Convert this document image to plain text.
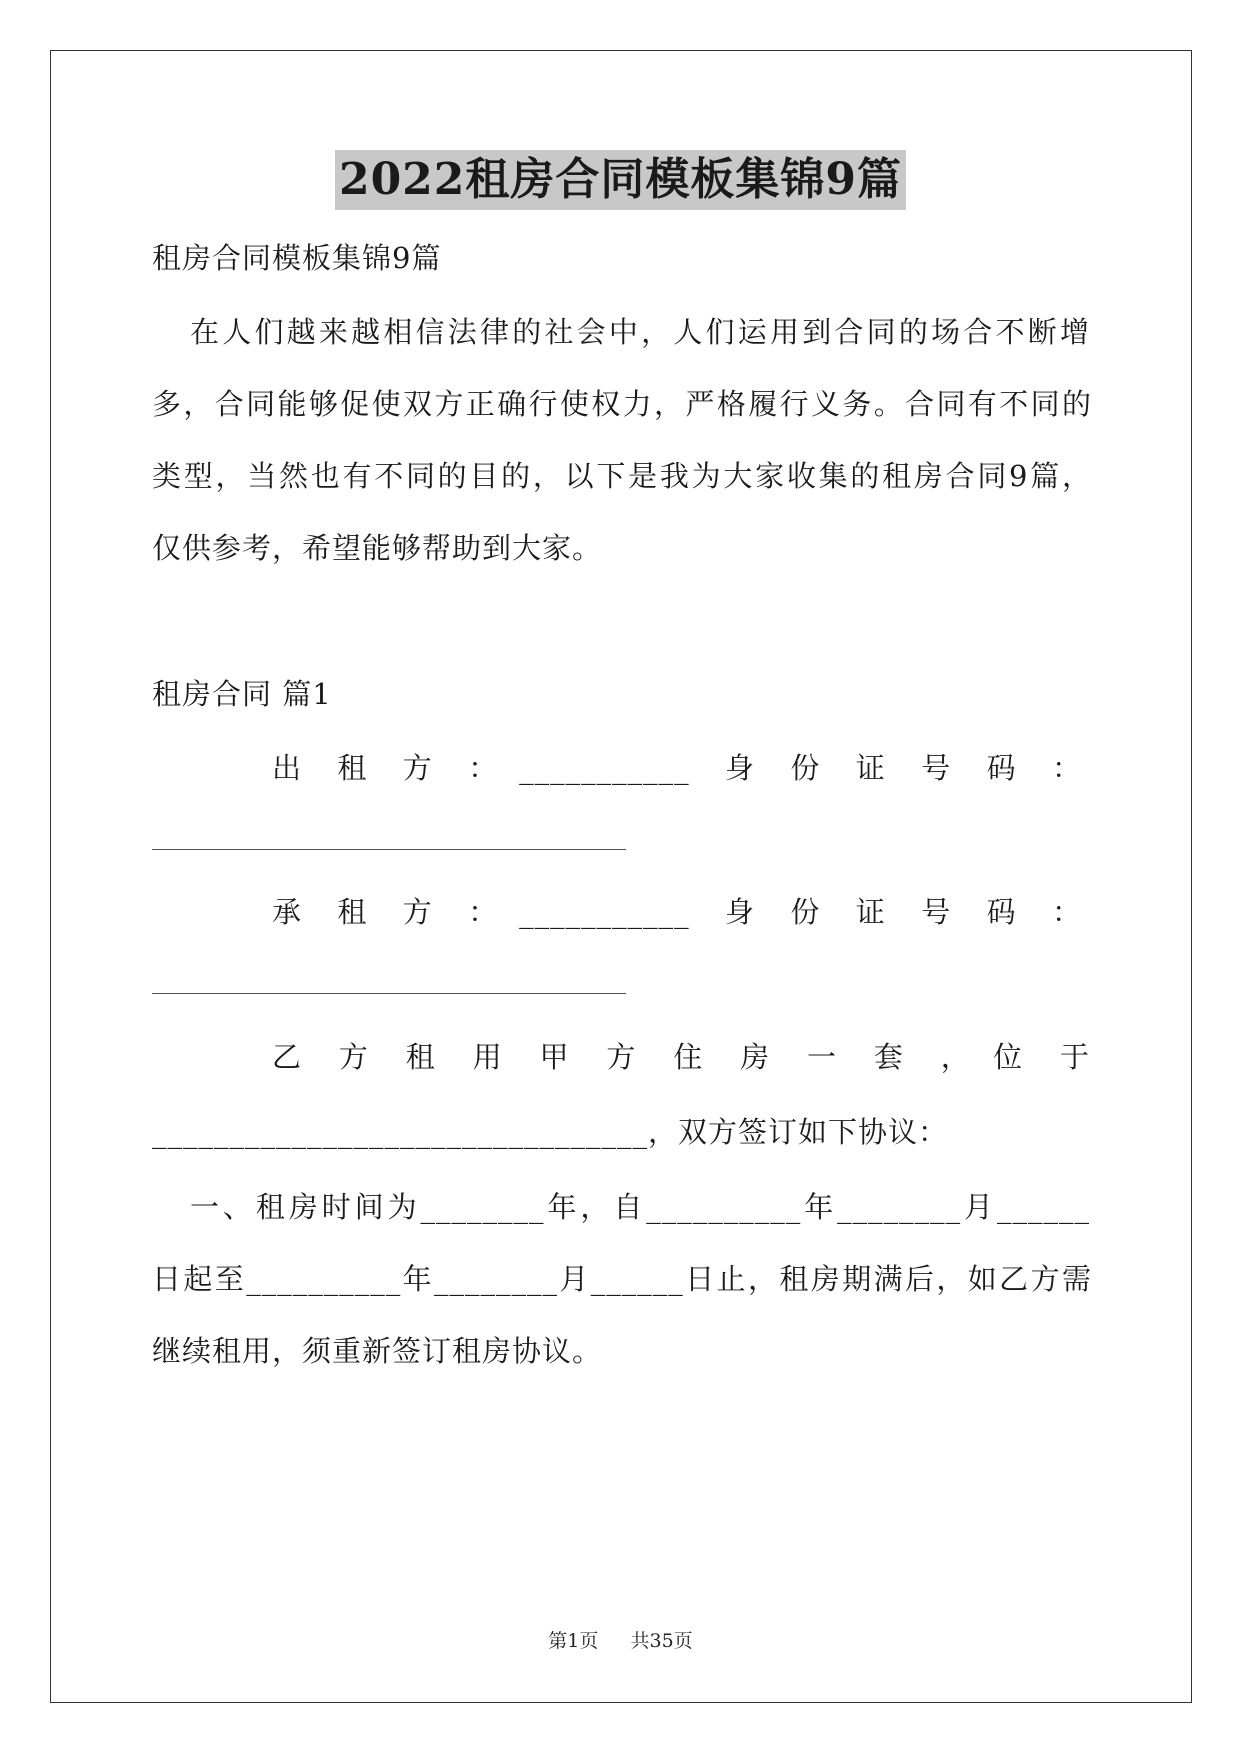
2022租房合同模板集锦9篇
租房合同模板集锦9篇
在人们越来越相信法律的社会中，人们运用到合同的场合不断增
多，合同能够促使双方正确行使权力，严格履行义务。合同有不同的
类型，当然也有不同的目的，以下是我为大家收集的租房合同9篇，
仅供参考，希望能够帮助到大家。
租房合同 篇1
出　租　方　：　___________　身　份　证　号　码　：
承　租　方　：　___________　身　份　证　号　码　：
乙　方　租　用　甲　方　住　房　一　套　，　位　于
________________________________，双方签订如下协议：
一、租房时间为________年，自__________年________月______
日起至__________年________月______日止，租房期满后，如乙方需
继续租用，须重新签订租房协议。
第1页 共35页
